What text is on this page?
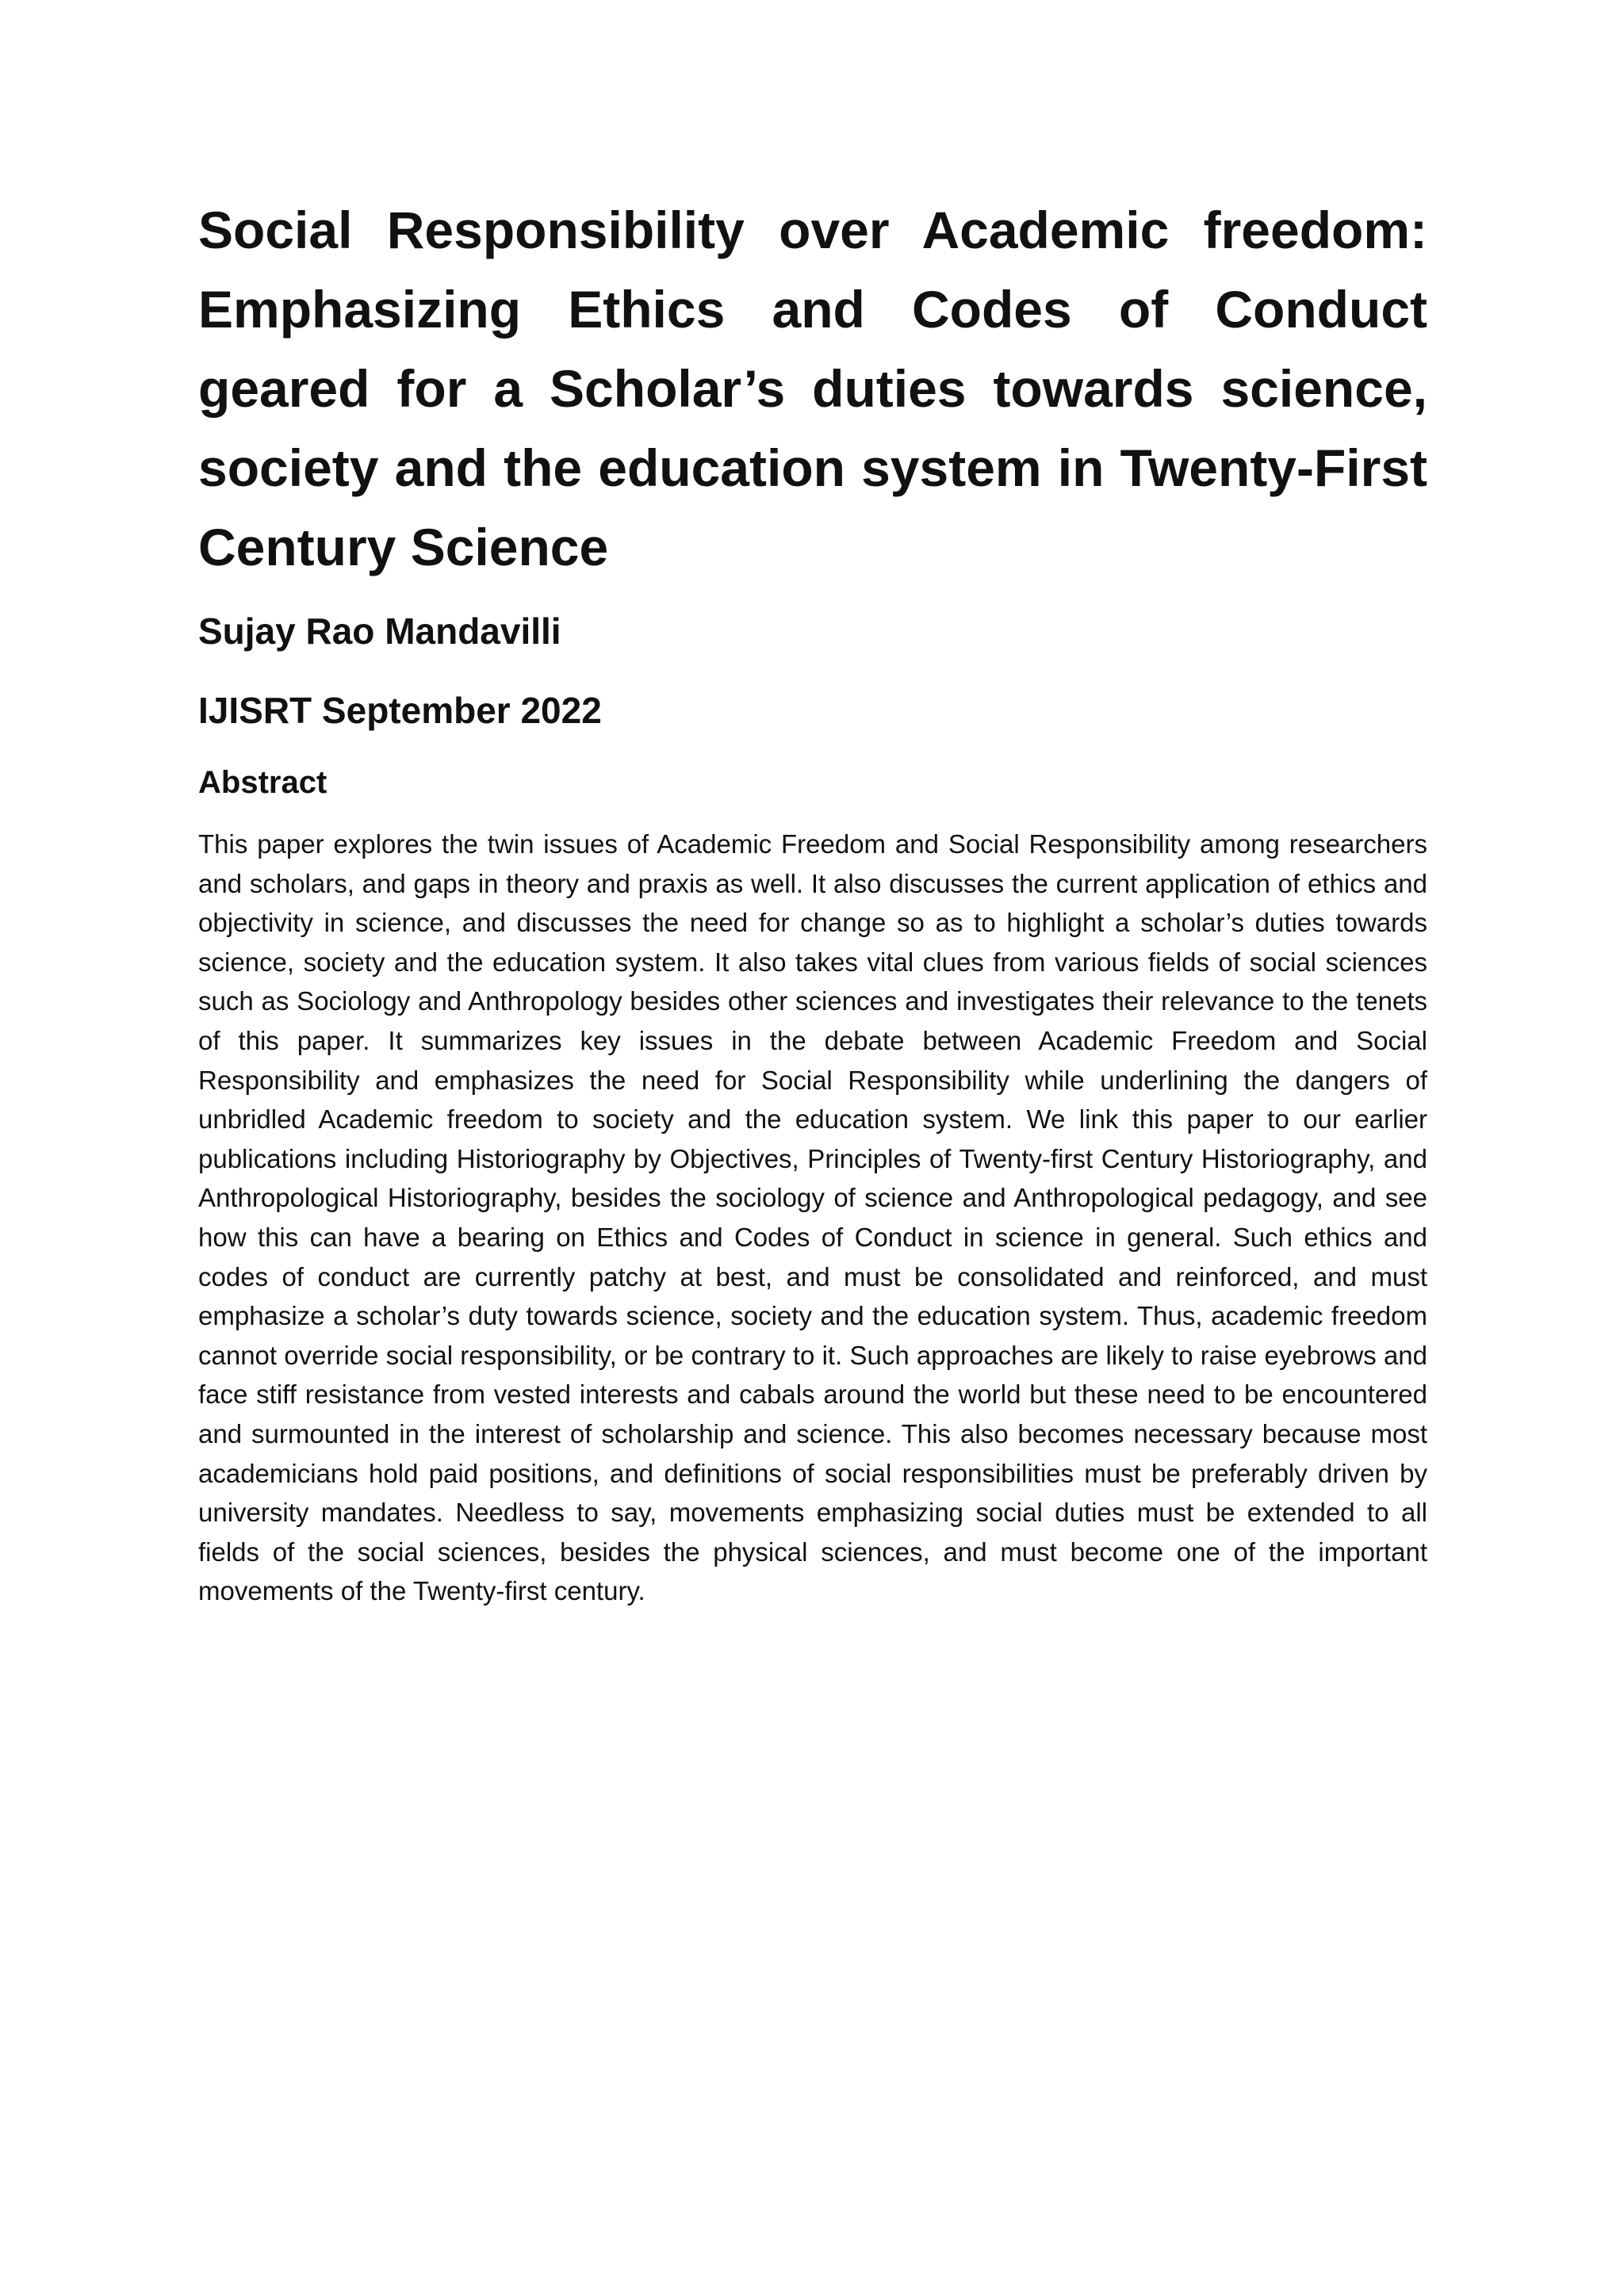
Social Responsibility over Academic freedom: Emphasizing Ethics and Codes of Conduct geared for a Scholar’s duties towards science, society and the education system in Twenty-First Century Science
Sujay Rao Mandavilli
IJISRT September 2022
Abstract

This paper explores the twin issues of Academic Freedom and Social Responsibility among researchers and scholars, and gaps in theory and praxis as well. It also discusses the current application of ethics and objectivity in science, and discusses the need for change so as to highlight a scholar’s duties towards science, society and the education system. It also takes vital clues from various fields of social sciences such as Sociology and Anthropology besides other sciences and investigates their relevance to the tenets of this paper. It summarizes key issues in the debate between Academic Freedom and Social Responsibility and emphasizes the need for Social Responsibility while underlining the dangers of unbridled Academic freedom to society and the education system. We link this paper to our earlier publications including Historiography by Objectives, Principles of Twenty-first Century Historiography, and Anthropological Historiography, besides the sociology of science and Anthropological pedagogy, and see how this can have a bearing on Ethics and Codes of Conduct in science in general. Such ethics and codes of conduct are currently patchy at best, and must be consolidated and reinforced, and must emphasize a scholar’s duty towards science, society and the education system. Thus, academic freedom cannot override social responsibility, or be contrary to it. Such approaches are likely to raise eyebrows and face stiff resistance from vested interests and cabals around the world but these need to be encountered and surmounted in the interest of scholarship and science. This also becomes necessary because most academicians hold paid positions, and definitions of social responsibilities must be preferably driven by university mandates. Needless to say, movements emphasizing social duties must be extended to all fields of the social sciences, besides the physical sciences, and must become one of the important movements of the Twenty-first century.
